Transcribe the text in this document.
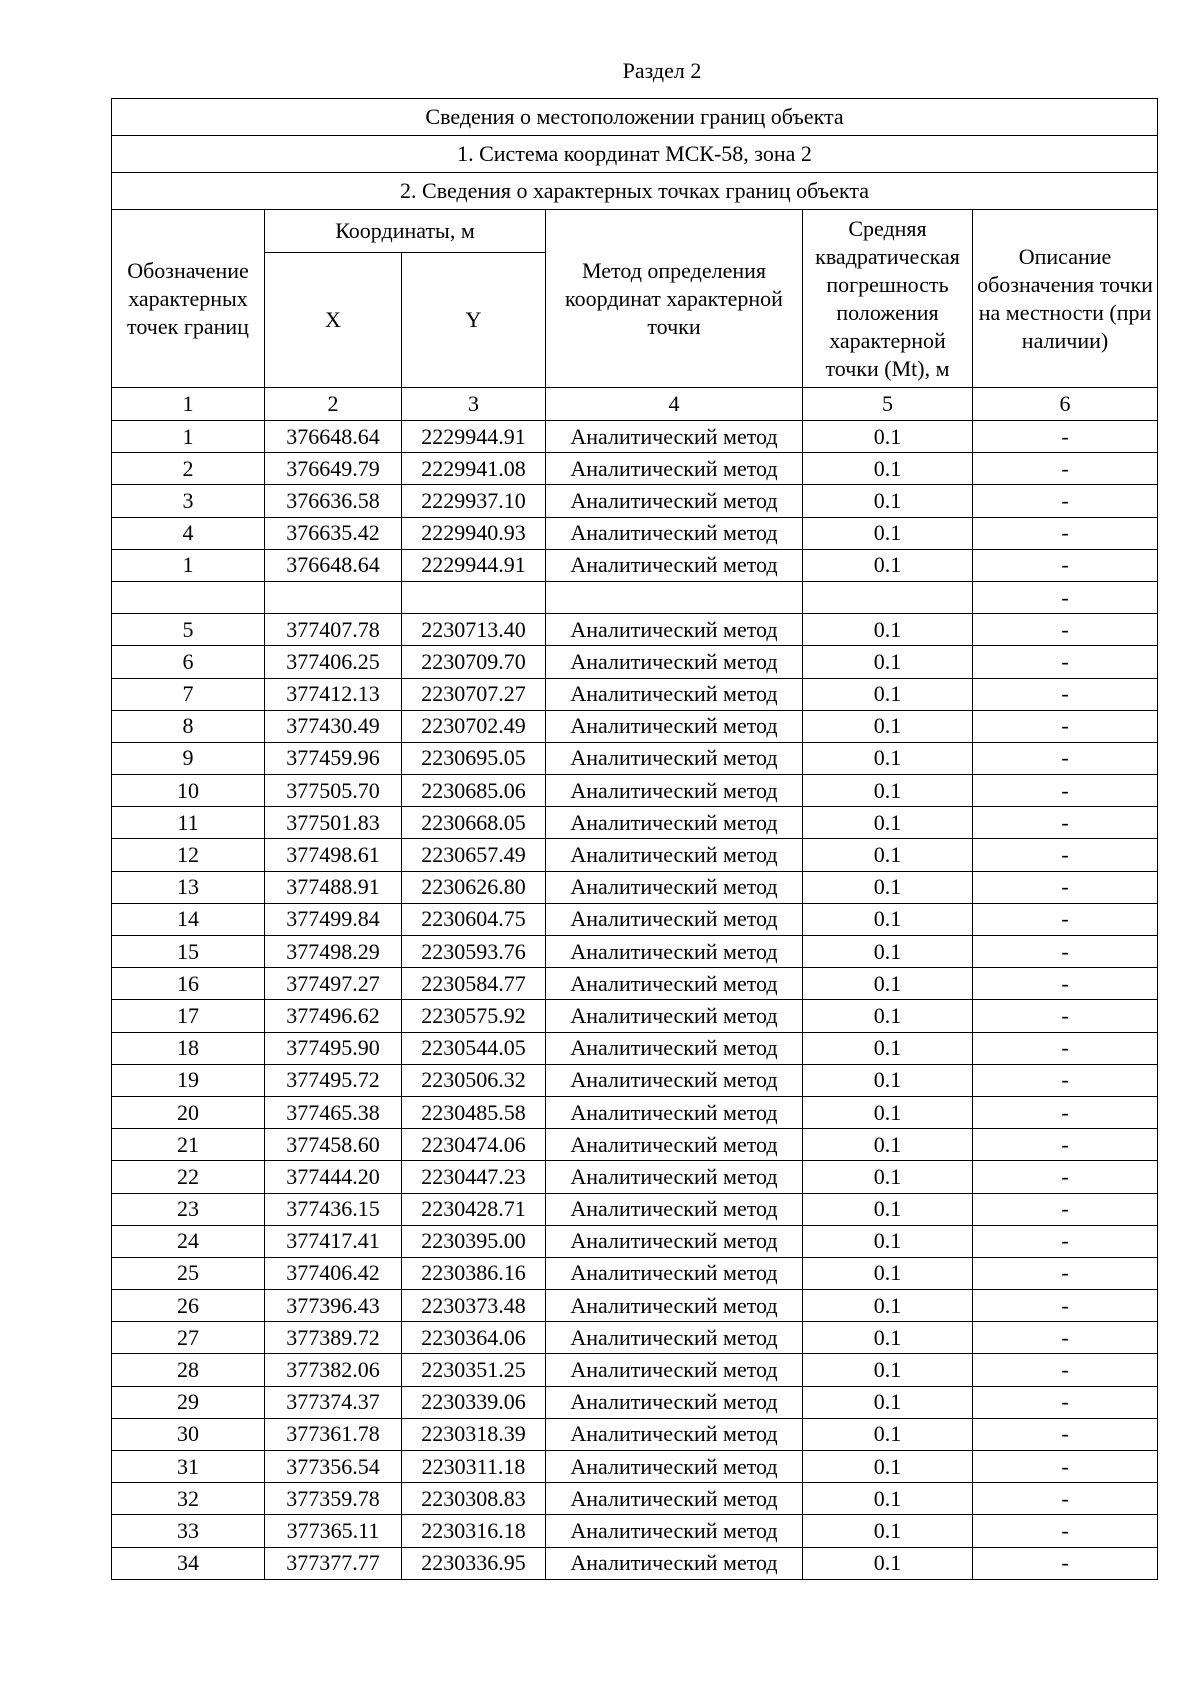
Раздел 2
Сведения о местоположении границ объекта					
1. Система координат МСК-58, зона 2					
2. Сведения о характерных точках границ объекта					
Обозначение характерных точек границ	Координаты, м		Метод определения координат характерной точки	Средняя квадратическая погрешность положения характерной точки (Mt), м	Описание обозначения точки на местности (при наличии)
	X	Y			
1	2	3	4	5	6
1	376648.64	2229944.91	Аналитический метод	0.1	-
2	376649.79	2229941.08	Аналитический метод	0.1	-
3	376636.58	2229937.10	Аналитический метод	0.1	-
4	376635.42	2229940.93	Аналитический метод	0.1	-
1	376648.64	2229944.91	Аналитический метод	0.1	-
					-
5	377407.78	2230713.40	Аналитический метод	0.1	-
6	377406.25	2230709.70	Аналитический метод	0.1	-
7	377412.13	2230707.27	Аналитический метод	0.1	-
8	377430.49	2230702.49	Аналитический метод	0.1	-
9	377459.96	2230695.05	Аналитический метод	0.1	-
10	377505.70	2230685.06	Аналитический метод	0.1	-
11	377501.83	2230668.05	Аналитический метод	0.1	-
12	377498.61	2230657.49	Аналитический метод	0.1	-
13	377488.91	2230626.80	Аналитический метод	0.1	-
14	377499.84	2230604.75	Аналитический метод	0.1	-
15	377498.29	2230593.76	Аналитический метод	0.1	-
16	377497.27	2230584.77	Аналитический метод	0.1	-
17	377496.62	2230575.92	Аналитический метод	0.1	-
18	377495.90	2230544.05	Аналитический метод	0.1	-
19	377495.72	2230506.32	Аналитический метод	0.1	-
20	377465.38	2230485.58	Аналитический метод	0.1	-
21	377458.60	2230474.06	Аналитический метод	0.1	-
22	377444.20	2230447.23	Аналитический метод	0.1	-
23	377436.15	2230428.71	Аналитический метод	0.1	-
24	377417.41	2230395.00	Аналитический метод	0.1	-
25	377406.42	2230386.16	Аналитический метод	0.1	-
26	377396.43	2230373.48	Аналитический метод	0.1	-
27	377389.72	2230364.06	Аналитический метод	0.1	-
28	377382.06	2230351.25	Аналитический метод	0.1	-
29	377374.37	2230339.06	Аналитический метод	0.1	-
30	377361.78	2230318.39	Аналитический метод	0.1	-
31	377356.54	2230311.18	Аналитический метод	0.1	-
32	377359.78	2230308.83	Аналитический метод	0.1	-
33	377365.11	2230316.18	Аналитический метод	0.1	-
34	377377.77	2230336.95	Аналитический метод	0.1	-
